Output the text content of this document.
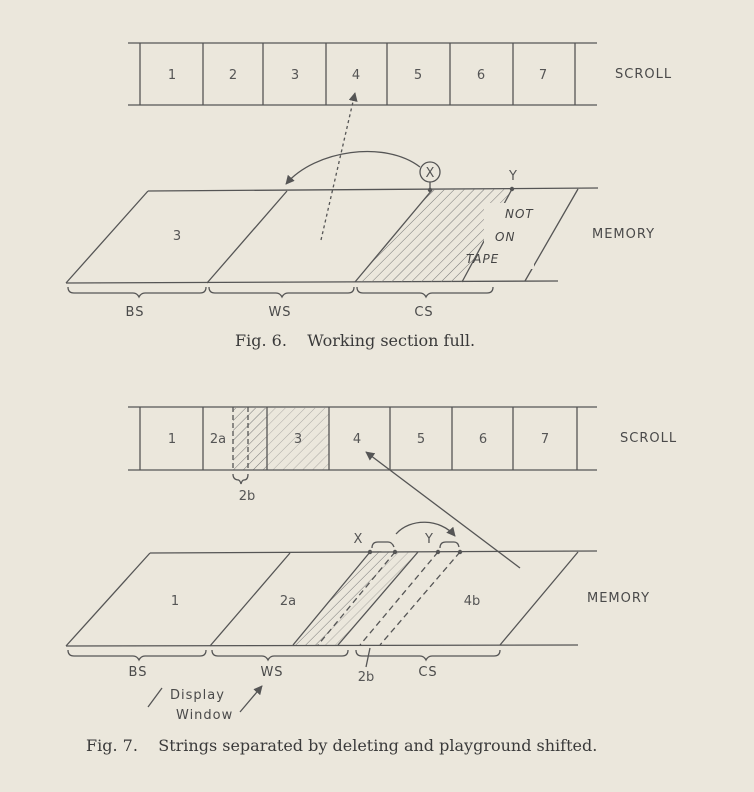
1	2	3	4	5	6	7	SCROLL
3
NOT
ON
TAPE
MEMORY
X	Y
BS	WS	CS
Fig. 6.    Working section full.
1	2a	3	4	5	6	7	SCROLL
2b
1	2a	4b	MEMORY
X	Y
BS	WS	CS
2b
Display
Window
Fig. 7.    Strings separated by deleting and playground shifted.
